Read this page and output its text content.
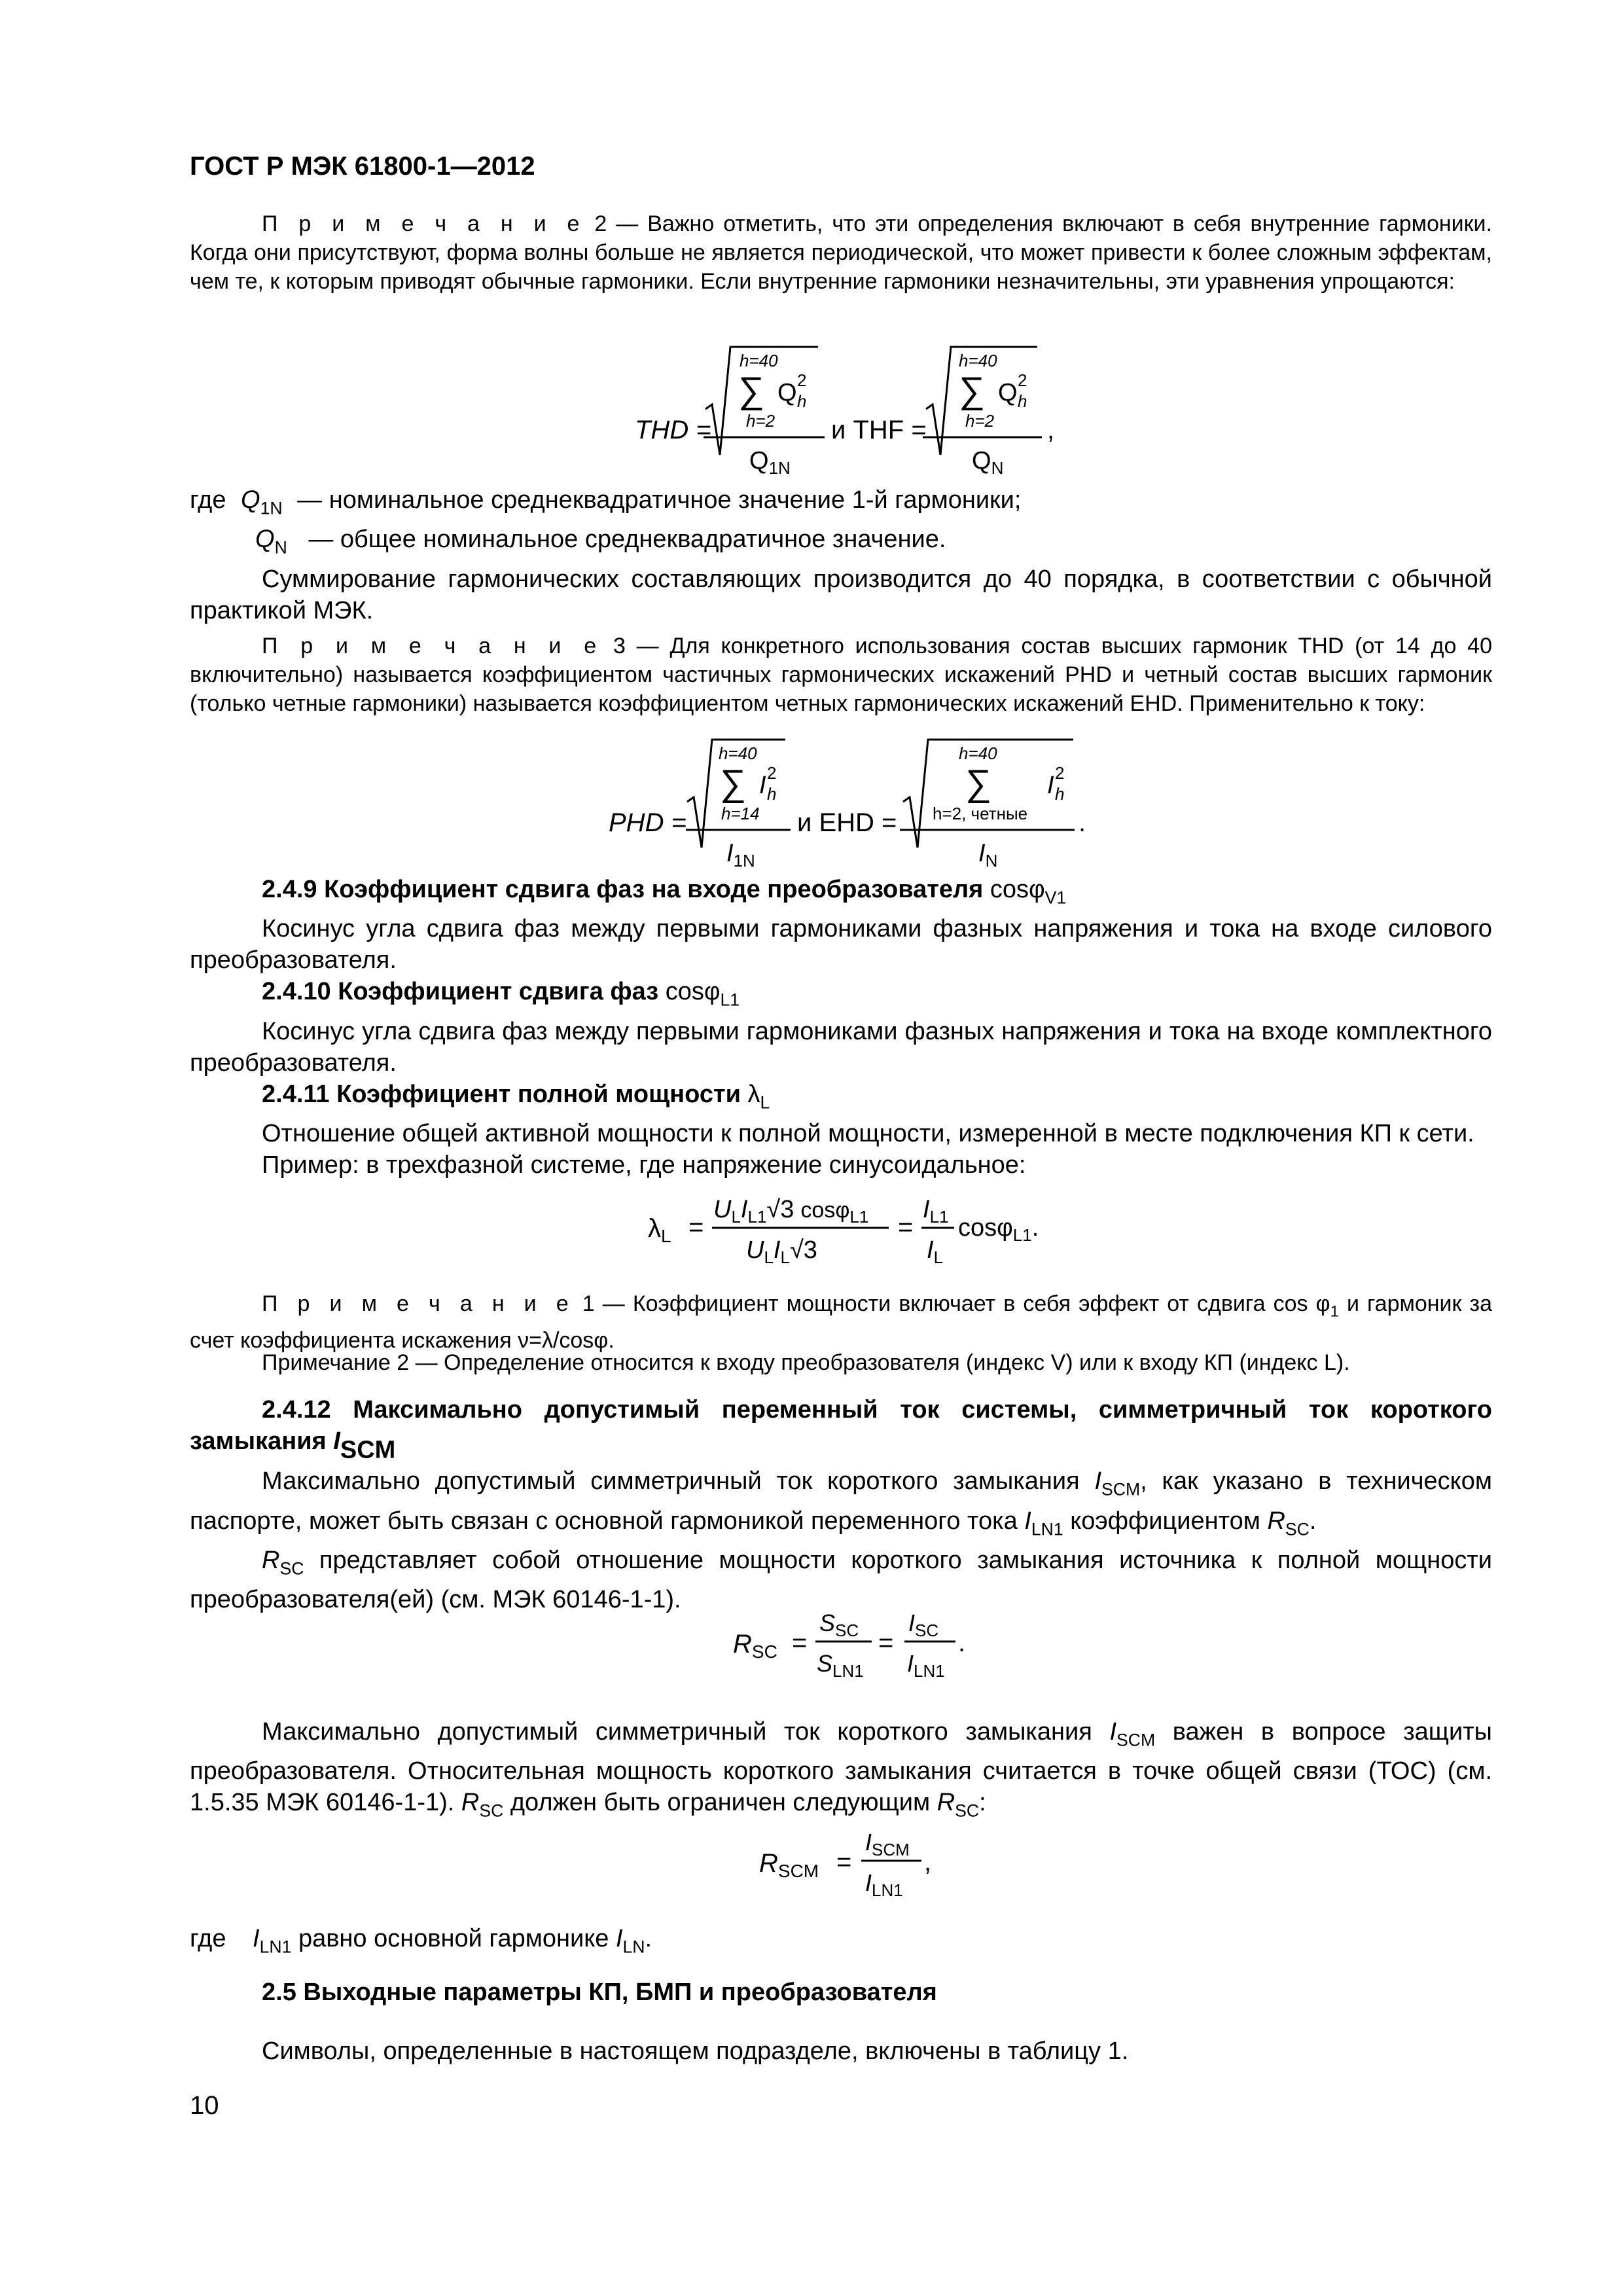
ГОСТ Р МЭК 61800-1—2012
П р и м е ч а н и е 2 — Важно отметить, что эти определения включают в себя внутренние гармоники. Когда они присутствуют, форма волны больше не является периодической, что может привести к более сложным эффектам, чем те, к которым приводят обычные гармоники. Если внутренние гармоники незначительны, эти уравнения упрощаются:
THD =
h=40
∑ Q 2
h
h=2
$Q_{1N}$
и THF =
h=40
∑ Q 2
h
h=2
$Q_N$
,
где $Q_{1N}$ — номинальное среднеквадратичное значение 1-й гармоники;
$Q_N$ — общее номинальное среднеквадратичное значение.
Суммирование гармонических составляющих производится до 40 порядка, в соответствии с обычной практикой МЭК.
П р и м е ч а н и е 3 — Для конкретного использования состав высших гармоник THD (от 14 до 40 включительно) называется коэффициентом частичных гармонических искажений PHD и четный состав высших гармоник (только четные гармоники) называется коэффициентом четных гармонических искажений EHD. Применительно к току:
PHD =
h=40
∑ I 2
h
h=14
$I_{1N}$
и EHD =
h=40
∑ I 2
h
h=2, четные
$I_N$
.
2.4.9 Коэффициент сдвига фаз на входе преобразователя cosφ$_{V1}$
Косинус угла сдвига фаз между первыми гармониками фазных напряжения и тока на входе силового преобразователя.
2.4.10 Коэффициент сдвига фаз cosφ$_{L1}$
Косинус угла сдвига фаз между первыми гармониками фазных напряжения и тока на входе комплектного преобразователя.
2.4.11 Коэффициент полной мощности $\lambda_L$
Отношение общей активной мощности к полной мощности, измеренной в месте подключения КП к сети.
Пример: в трехфазной системе, где напряжение синусоидальное:
$\lambda_L$ =
$U_LI_{L1}√3$ cosφ$_{L1}$
$U_LI_L√3$
=
$I_{L1}$
$I_L$
cosφ$_{L1}$.
П р и м е ч а н и е 1 — Коэффициент мощности включает в себя эффект от сдвига $\cos \varphi_1$ и гармоник за счет коэффициента искажения ν=λ/cosφ.
Примечание 2 — Определение относится к входу преобразователя (индекс V) или к входу КП (индекс L).
2.4.12 Максимально допустимый переменный ток системы, симметричный ток короткого замыкания $I_{SCM}$
Максимально допустимый симметричный ток короткого замыкания $I_{SCM}$, как указано в техническом паспорте, может быть связан с основной гармоникой переменного тока $I_{LN1}$ коэффициентом $R_{SC}$.
$R_{SC}$ представляет собой отношение мощности короткого замыкания источника к полной мощности преобразователя(ей) (см. МЭК 60146-1-1).
$R_{SC}$ =
$S_{SC}$
$S_{LN1}$
=
$I_{SC}$
$I_{LN1}$
.
Максимально допустимый симметричный ток короткого замыкания $I_{SCM}$ важен в вопросе защиты преобразователя. Относительная мощность короткого замыкания считается в точке общей связи (ТОС) (см. 1.5.35 МЭК 60146-1-1). $R_{SC}$ должен быть ограничен следующим $R_{SC}$:
$R_{SCM}$ =
$I_{SCM}$
$I_{LN1}$
,
где $I_{LN1}$ равно основной гармонике $I_{LN}$.
2.5 Выходные параметры КП, БМП и преобразователя
Символы, определенные в настоящем подразделе, включены в таблицу 1.
10
